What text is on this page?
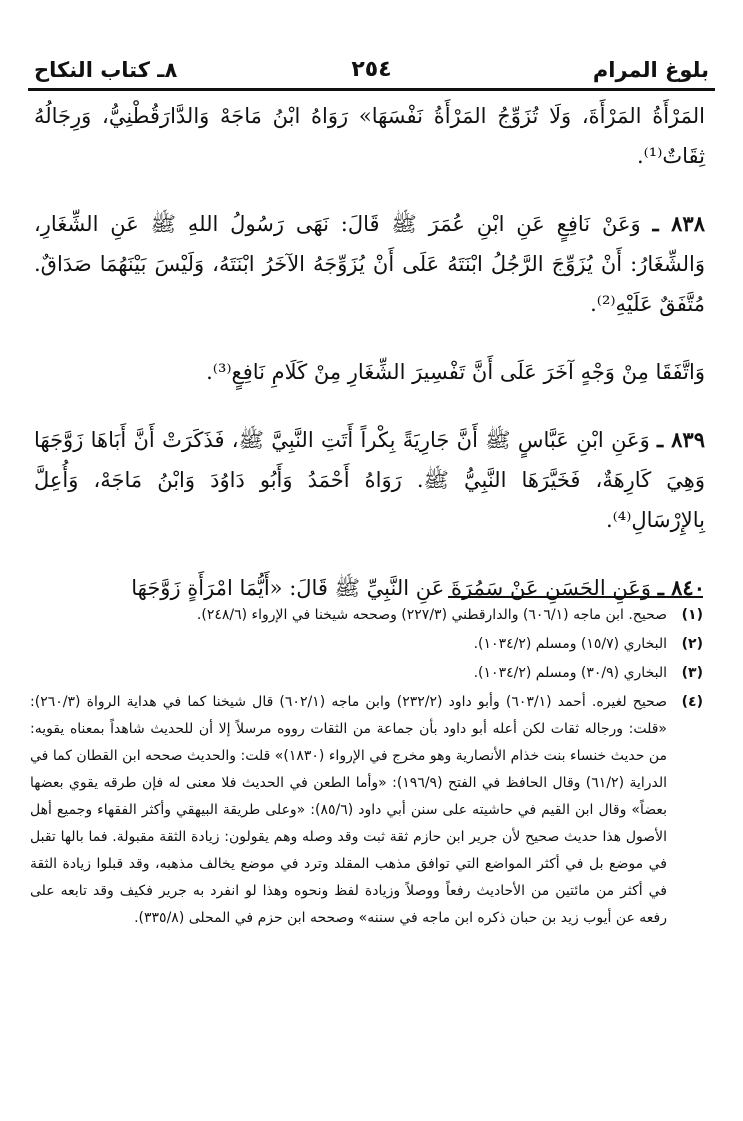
بلوغ المرام
٢٥٤
٨ـ كتاب النكاح

المَرْأَةُ المَرْأَةَ، وَلَا تُزَوِّجُ المَرْأَةُ نَفْسَهَا» رَوَاهُ ابْنُ مَاجَهْ وَالدَّارَقُطْنِيُّ، وَرِجَالُهُ ثِقَاتٌ⁽¹⁾.

٨٣٨ ـ وَعَنْ نَافِعٍ عَنِ ابْنِ عُمَرَ ﷺ قَالَ: نَهَى رَسُولُ اللهِ ﷺ عَنِ الشِّغَارِ، وَالشِّغَارُ: أَنْ يُزَوِّجَ الرَّجُلُ ابْنَتَهُ عَلَى أَنْ يُزَوِّجَهُ الآخَرُ ابْنَتَهُ، وَلَيْسَ بَيْنَهُمَا صَدَاقٌ. مُتَّفَقٌ عَلَيْهِ⁽²⁾.

وَاتَّفَقَا مِنْ وَجْهٍ آخَرَ عَلَى أَنَّ تَفْسِيرَ الشِّغَارِ مِنْ كَلَامِ نَافِعٍ⁽³⁾.

٨٣٩ ـ وَعَنِ ابْنِ عَبَّاسٍ ﷺ أَنَّ جَارِيَةً بِكْراً أَتَتِ النَّبِيَّ ﷺ، فَذَكَرَتْ أَنَّ أَبَاهَا زَوَّجَهَا وَهِيَ كَارِهَةٌ، فَخَيَّرَهَا النَّبِيُّ ﷺ. رَوَاهُ أَحْمَدُ وَأَبُو دَاوُدَ وَابْنُ مَاجَهْ، وَأُعِلَّ بِالإِرْسَالِ⁽⁴⁾.

٨٤٠ ـ وَعَنِ الحَسَنِ عَنْ سَمُرَةَ عَنِ النَّبِيِّ ﷺ قَالَ: «أَيُّمَا امْرَأَةٍ زَوَّجَهَا

(١)
صحيح. ابن ماجه (٦٠٦/١) والدارقطني (٢٢٧/٣) وصححه شيخنا في الإرواء (٢٤٨/٦).

(٢)
البخاري (١٥/٧) ومسلم (١٠٣٤/٢).

(٣)
البخاري (٣٠/٩) ومسلم (١٠٣٤/٢).

(٤)
صحيح لغيره. أحمد (٦٠٣/١) وأبو داود (٢٣٢/٢) وابن ماجه (٦٠٢/١) قال شيخنا كما في هداية الرواة (٢٦٠/٣): «قلت: ورجاله ثقات لكن أعله أبو داود بأن جماعة من الثقات رووه مرسلاً إلا أن للحديث شاهداً بمعناه يقويه: من حديث خنساء بنت خذام الأنصارية وهو مخرج في الإرواء (١٨٣٠)» قلت: والحديث صححه ابن القطان كما في الدراية (٦١/٢) وقال الحافظ في الفتح (١٩٦/٩): «وأما الطعن في الحديث فلا معنى له فإن طرقه يقوي بعضها بعضاً» وقال ابن القيم في حاشيته على سنن أبي داود (٨٥/٦): «وعلى طريقة البيهقي وأكثر الفقهاء وجميع أهل الأصول هذا حديث صحيح لأن جرير ابن حازم ثقة ثبت وقد وصله وهم يقولون: زيادة الثقة مقبولة. فما بالها تقبل في موضع بل في أكثر المواضع التي توافق مذهب المقلد وترد في موضع يخالف مذهبه، وقد قبلوا زيادة الثقة في أكثر من مائتين من الأحاديث رفعاً ووصلاً وزيادة لفظ ونحوه وهذا لو انفرد به جرير فكيف وقد تابعه على رفعه عن أيوب زيد بن حبان ذكره ابن ماجه في سننه» وصححه ابن حزم في المحلى (٣٣٥/٨).
